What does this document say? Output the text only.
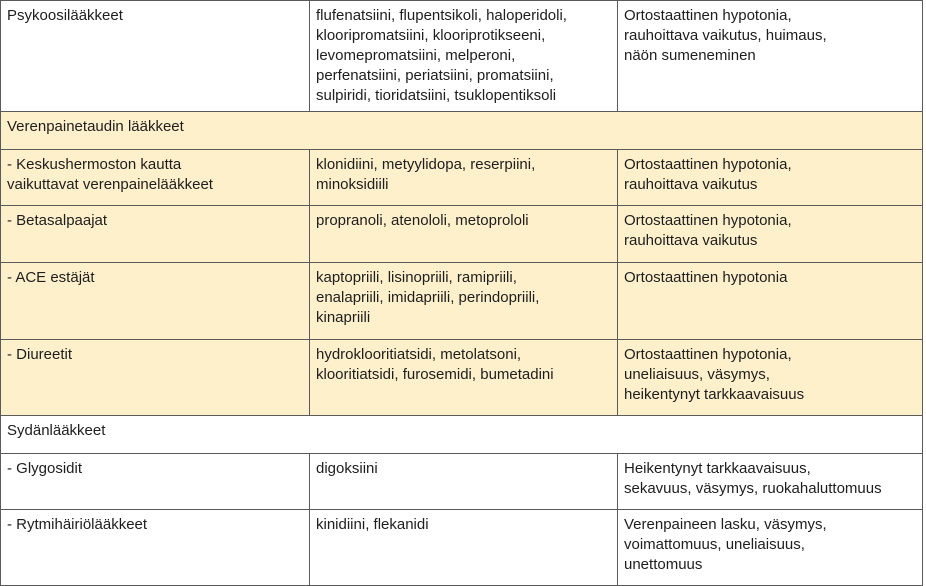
Psykoosilääkkeet	flufenatsiini, flupentsikoli, haloperidoli,
klooripromatsiini, klooriprotikseeni,
levomepromatsiini, melperoni,
perfenatsiini, periatsiini, promatsiini,
sulpiridi, tioridatsiini, tsuklopentiksoli	Ortostaattinen hypotonia,
rauhoittava vaikutus, huimaus,
näön sumeneminen
Verenpainetaudin lääkkeet		
- Keskushermoston kautta
vaikuttavat verenpainelääkkeet	klonidiini, metyylidopa, reserpiini,
minoksidiili	Ortostaattinen hypotonia,
rauhoittava vaikutus
- Betasalpaajat	propranoli, atenololi, metoprololi	Ortostaattinen hypotonia,
rauhoittava vaikutus
- ACE estäjät	kaptopriili, lisinopriili, ramipriili,
enalapriili, imidapriili, perindopriili,
kinapriili	Ortostaattinen hypotonia
- Diureetit	hydroklooritiatsidi, metolatsoni,
klooritiatsidi, furosemidi, bumetadini	Ortostaattinen hypotonia,
uneliaisuus, väsymys,
heikentynyt tarkkaavaisuus
Sydänlääkkeet		
- Glygosidit	digoksiini	Heikentynyt tarkkaavaisuus,
sekavuus, väsymys, ruokahaluttomuus
- Rytmihäiriölääkkeet	kinidiini, flekanidi	Verenpaineen lasku, väsymys,
voimattomuus, uneliaisuus,
unettomuus
